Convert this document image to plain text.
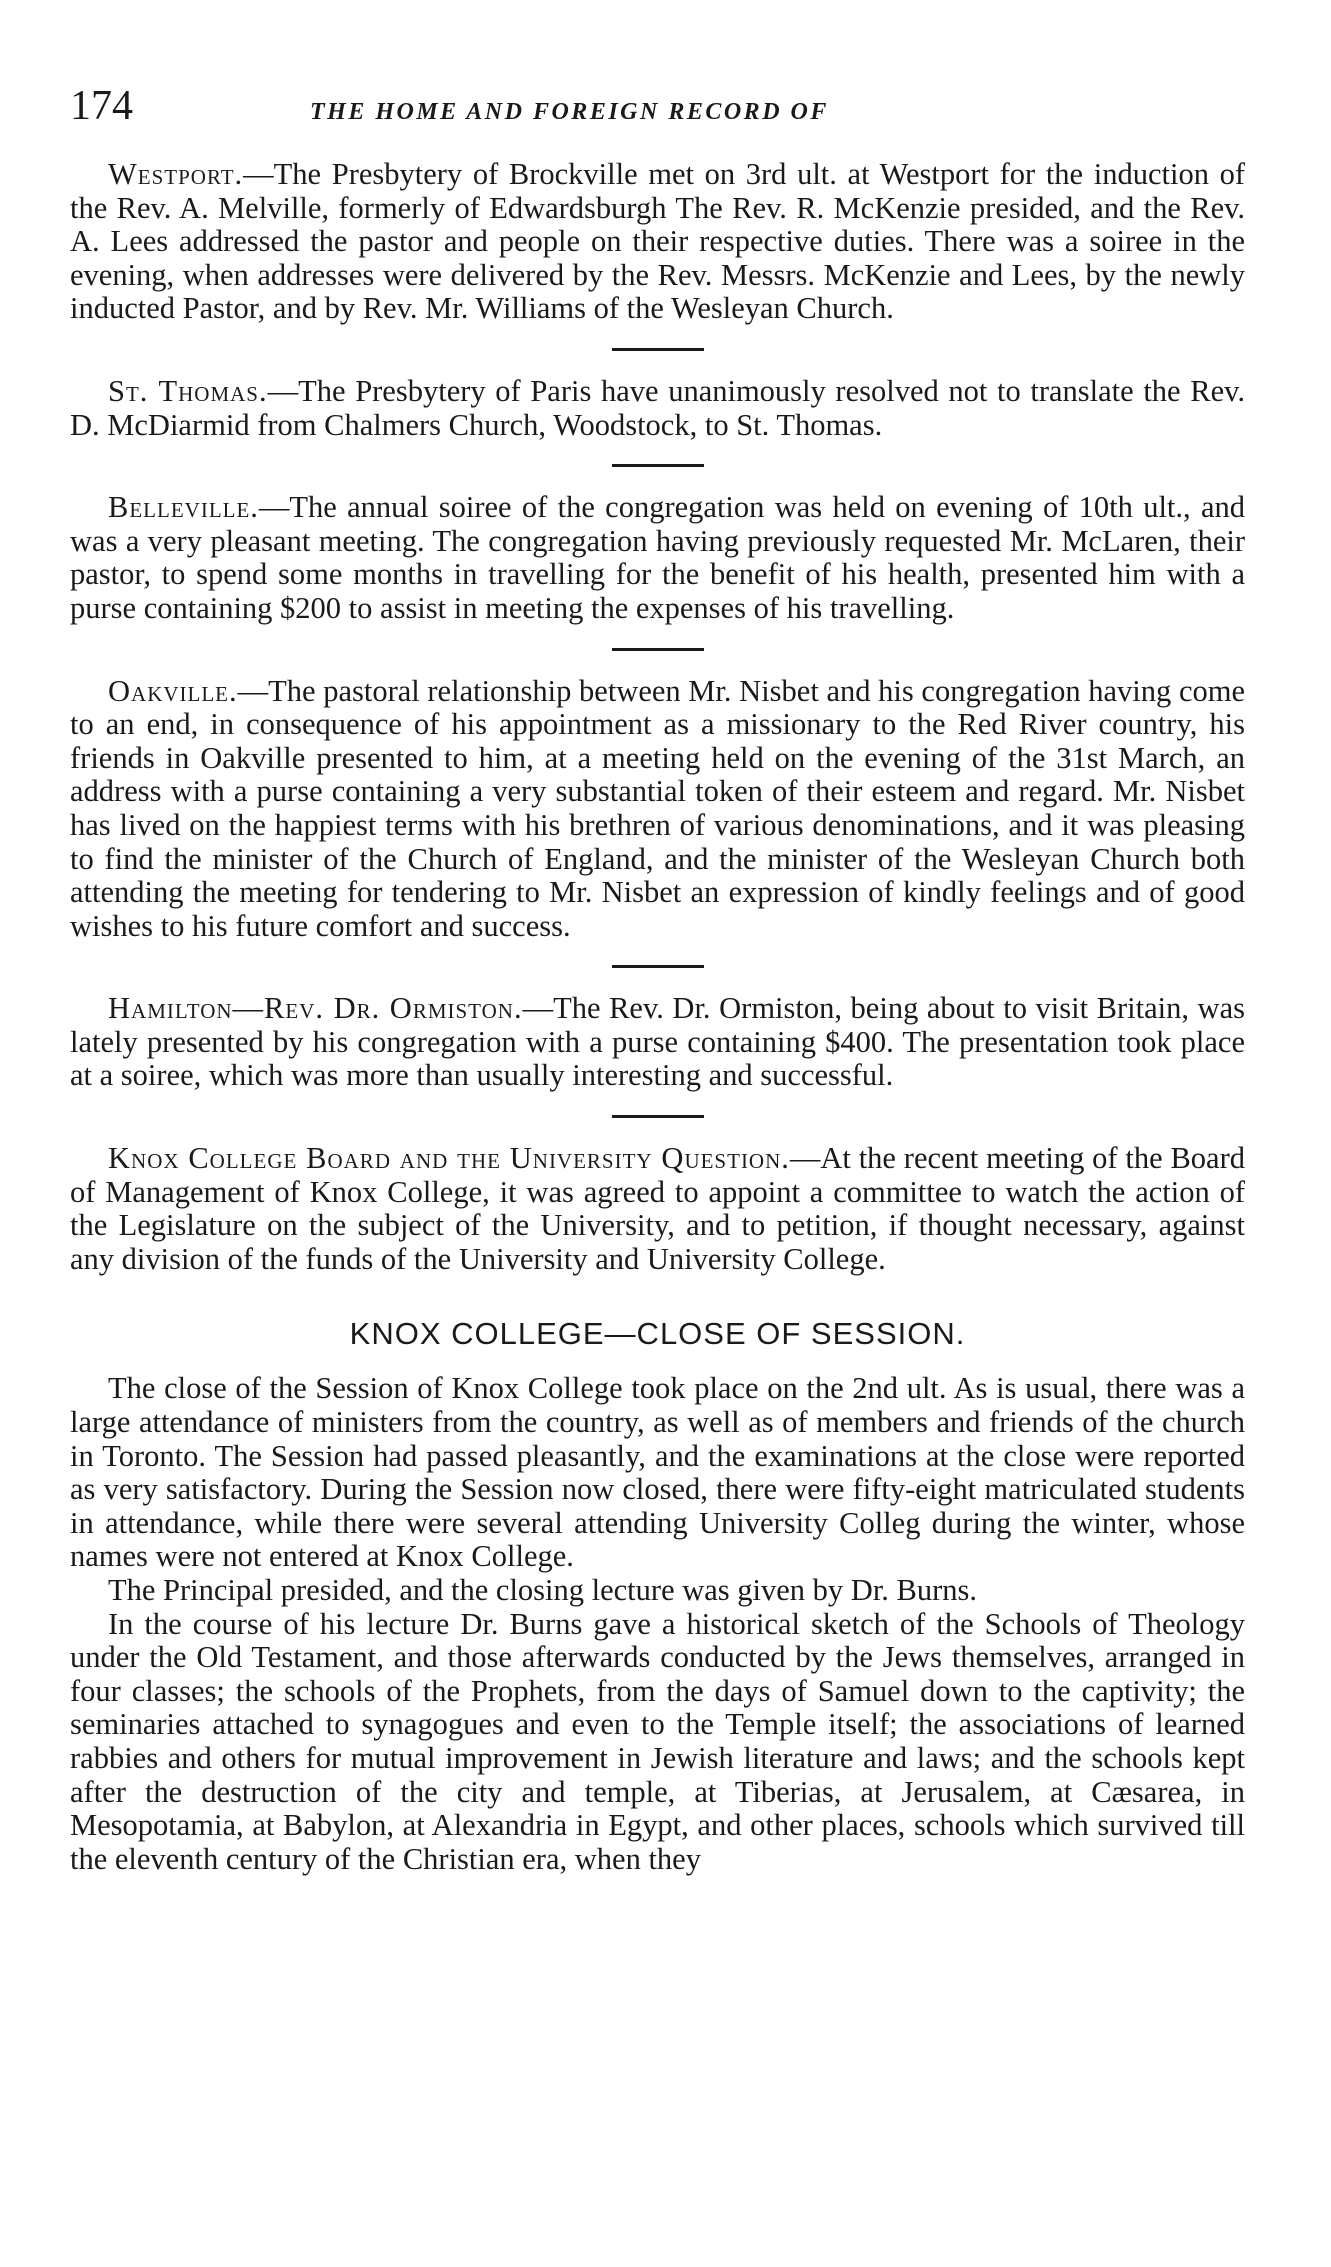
174	THE HOME AND FOREIGN RECORD OF

Westport.—The Presbytery of Brockville met on 3rd ult. at Westport for the induction of the Rev. A. Melville, formerly of Edwardsburgh The Rev. R. McKenzie presided, and the Rev. A. Lees addressed the pastor and people on their respective duties. There was a soiree in the evening, when addresses were delivered by the Rev. Messrs. McKenzie and Lees, by the newly inducted Pastor, and by Rev. Mr. Williams of the Wesleyan Church.

St. Thomas.—The Presbytery of Paris have unanimously resolved not to translate the Rev. D. McDiarmid from Chalmers Church, Woodstock, to St. Thomas.

Belleville.—The annual soiree of the congregation was held on evening of 10th ult., and was a very pleasant meeting. The congregation having previously requested Mr. McLaren, their pastor, to spend some months in travelling for the benefit of his health, presented him with a purse containing $200 to assist in meeting the expenses of his travelling.

Oakville.—The pastoral relationship between Mr. Nisbet and his congregation having come to an end, in consequence of his appointment as a missionary to the Red River country, his friends in Oakville presented to him, at a meeting held on the evening of the 31st March, an address with a purse containing a very substantial token of their esteem and regard. Mr. Nisbet has lived on the happiest terms with his brethren of various denominations, and it was pleasing to find the minister of the Church of England, and the minister of the Wesleyan Church both attending the meeting for tendering to Mr. Nisbet an expression of kindly feelings and of good wishes to his future comfort and success.

Hamilton—Rev. Dr. Ormiston.—The Rev. Dr. Ormiston, being about to visit Britain, was lately presented by his congregation with a purse containing $400. The presentation took place at a soiree, which was more than usually interesting and successful.

Knox College Board and the University Question.—At the recent meeting of the Board of Management of Knox College, it was agreed to appoint a committee to watch the action of the Legislature on the subject of the University, and to petition, if thought necessary, against any division of the funds of the University and University College.

KNOX COLLEGE—CLOSE OF SESSION.

The close of the Session of Knox College took place on the 2nd ult. As is usual, there was a large attendance of ministers from the country, as well as of members and friends of the church in Toronto. The Session had passed pleasantly, and the examinations at the close were reported as very satisfactory. During the Session now closed, there were fifty-eight matriculated students in attendance, while there were several attending University Colleg during the winter, whose names were not entered at Knox College.

The Principal presided, and the closing lecture was given by Dr. Burns.

In the course of his lecture Dr. Burns gave a historical sketch of the Schools of Theology under the Old Testament, and those afterwards conducted by the Jews themselves, arranged in four classes; the schools of the Prophets, from the days of Samuel down to the captivity; the seminaries attached to synagogues and even to the Temple itself; the associations of learned rabbies and others for mutual improvement in Jewish literature and laws; and the schools kept after the destruction of the city and temple, at Tiberias, at Jerusalem, at Cæsarea, in Mesopotamia, at Babylon, at Alexandria in Egypt, and other places, schools which survived till the eleventh century of the Christian era, when they
